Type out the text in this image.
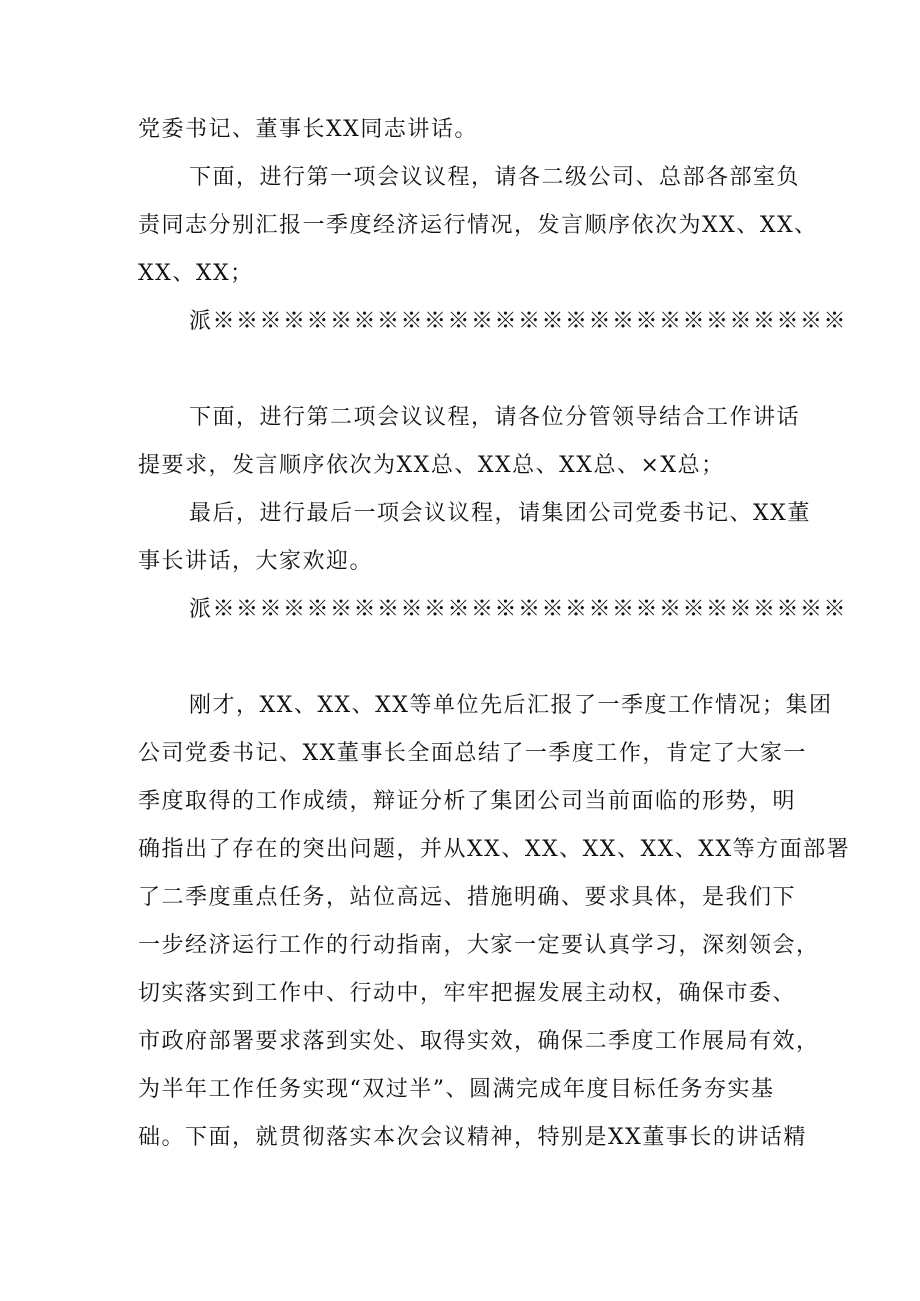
党委书记、董事长XX同志讲话。
下面，进行第一项会议议程，请各二级公司、总部各部室负
责同志分别汇报一季度经济运行情况，发言顺序依次为XX、XX、
XX、XX；
派※※※※※※※※※※※※※※※※※※※※※※※※※※※
下面，进行第二项会议议程，请各位分管领导结合工作讲话
提要求，发言顺序依次为XX总、XX总、XX总、×X总；
最后，进行最后一项会议议程，请集团公司党委书记、XX董
事长讲话，大家欢迎。
派※※※※※※※※※※※※※※※※※※※※※※※※※※※
刚才，XX、XX、XX等单位先后汇报了一季度工作情况；集团
公司党委书记、XX董事长全面总结了一季度工作，肯定了大家一
季度取得的工作成绩，辩证分析了集团公司当前面临的形势，明
确指出了存在的突出问题，并从XX、XX、XX、XX、XX等方面部署
了二季度重点任务，站位高远、措施明确、要求具体，是我们下
一步经济运行工作的行动指南，大家一定要认真学习，深刻领会，
切实落实到工作中、行动中，牢牢把握发展主动权，确保市委、
市政府部署要求落到实处、取得实效，确保二季度工作展局有效，
为半年工作任务实现“双过半”、圆满完成年度目标任务夯实基
础。下面，就贯彻落实本次会议精神，特别是XX董事长的讲话精
